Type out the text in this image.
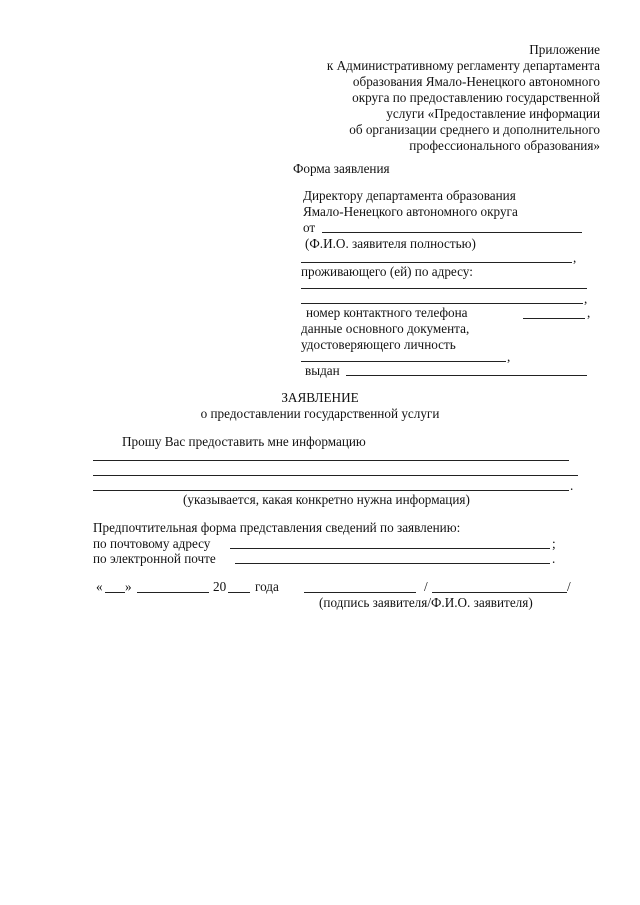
Приложение
к Административному регламенту департамента
образования Ямало-Ненецкого автономного
округа по предоставлению государственной
услуги «Предоставление информации
об организации среднего и дополнительного
профессионального образования»
Форма заявления
Директору департамента образования
Ямало-Ненецкого автономного округа
от
(Ф.И.О. заявителя полностью)
,
проживающего (ей) по адресу:
,
номер контактного телефона	,
данные основного документа,
удостоверяющего личность
,
выдан
ЗАЯВЛЕНИЕ
о предоставлении государственной услуги
Прошу Вас предоставить мне информацию
.
(указывается, какая конкретно нужна информация)
Предпочтительная форма представления сведений по заявлению:
по почтовому адресу	;
по электронной почте	.
« »	20 года	/	/
(подпись заявителя/Ф.И.О. заявителя)
